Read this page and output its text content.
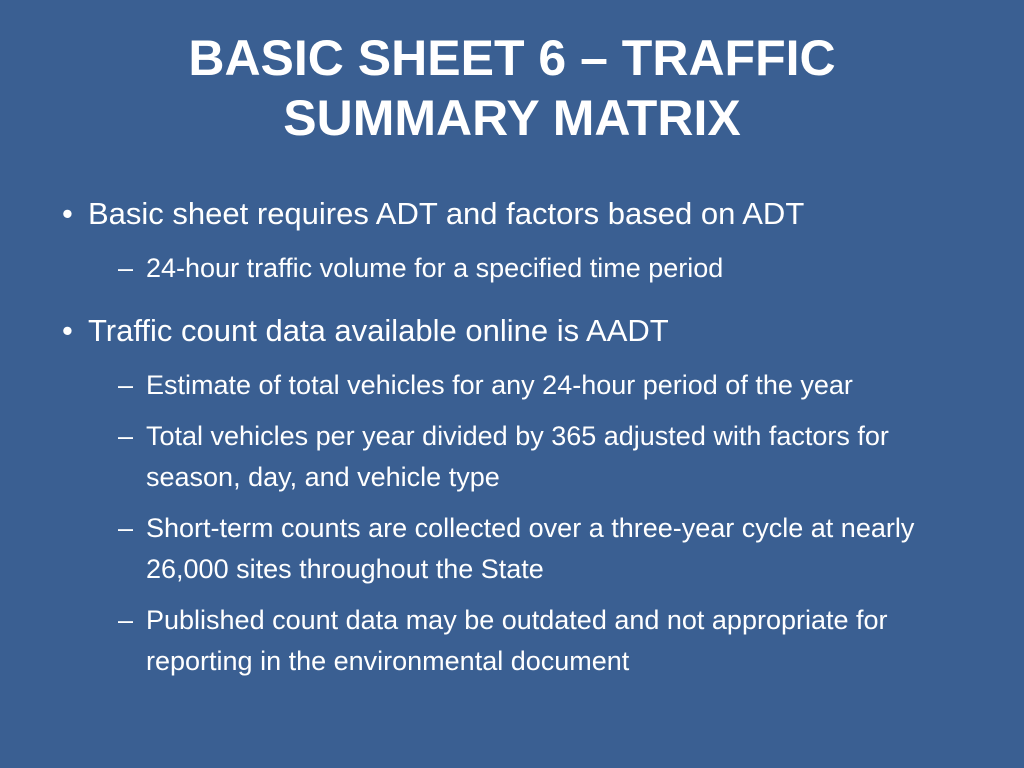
BASIC SHEET 6 – TRAFFIC
SUMMARY MATRIX
• Basic sheet requires ADT and factors based on ADT
– 24-hour traffic volume for a specified time period
• Traffic count data available online is AADT
– Estimate of total vehicles for any 24-hour period of the year
– Total vehicles per year divided by 365 adjusted with factors for season, day, and vehicle type
– Short-term counts are collected over a three-year cycle at nearly 26,000 sites throughout the State
– Published count data may be outdated and not appropriate for reporting in the environmental document
